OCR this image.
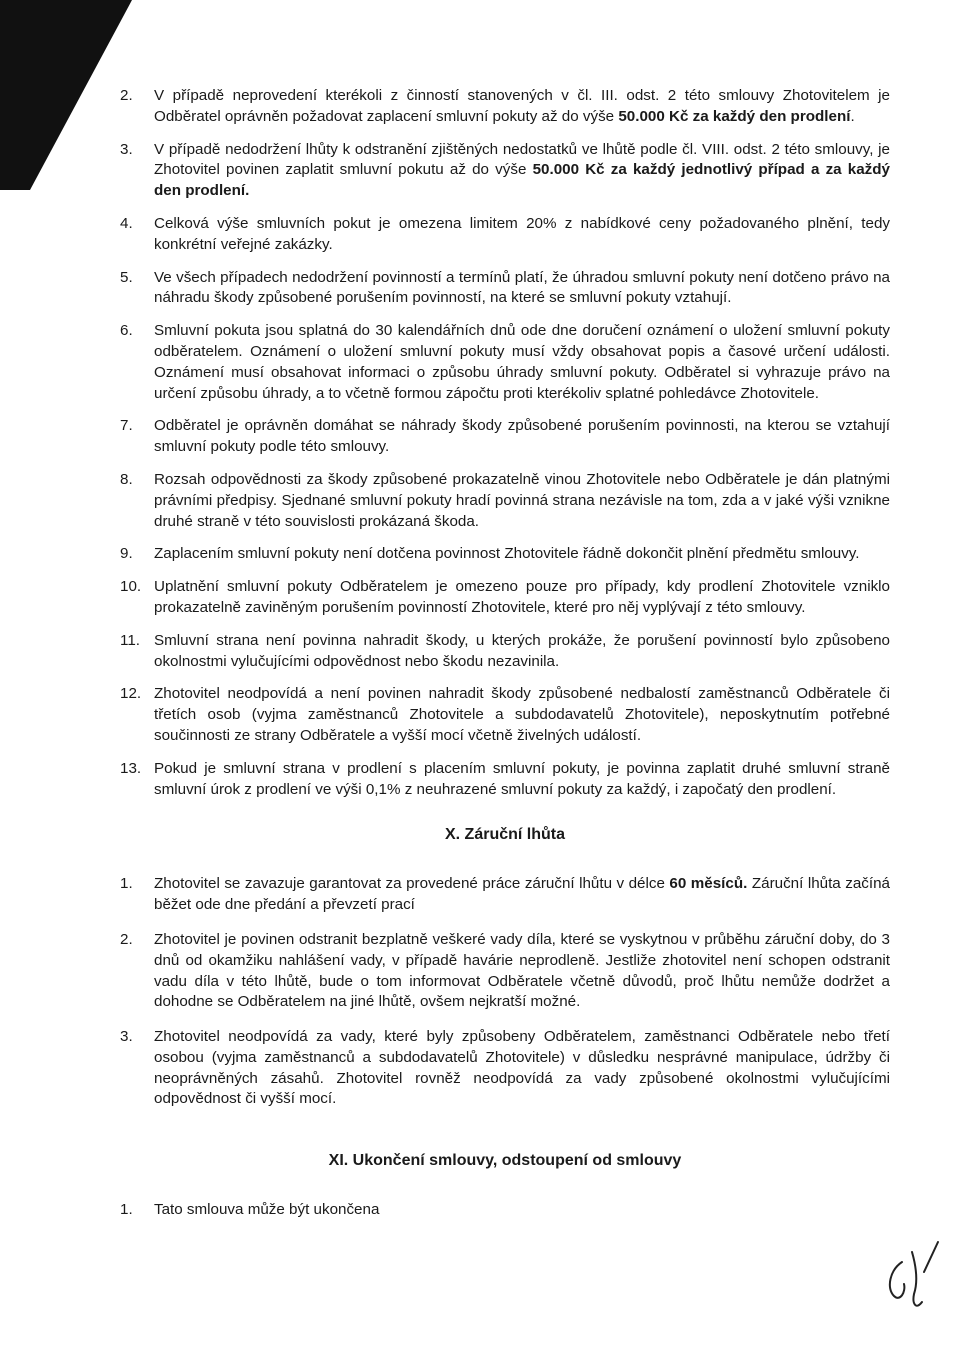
2.	V případě neprovedení kterékoli z činností stanovených v čl. III. odst. 2 této smlouvy Zhotovitelem je Odběratel oprávněn požadovat zaplacení smluvní pokuty až do výše 50.000 Kč za každý den prodlení.
3.	V případě nedodržení lhůty k odstranění zjištěných nedostatků ve lhůtě podle čl. VIII. odst. 2 této smlouvy, je Zhotovitel povinen zaplatit smluvní pokutu až do výše 50.000 Kč za každý jednotlivý případ a za každý den prodlení.
4.	Celková výše smluvních pokut je omezena limitem 20% z nabídkové ceny požadovaného plnění, tedy konkrétní veřejné zakázky.
5.	Ve všech případech nedodržení povinností a termínů platí, že úhradou smluvní pokuty není dotčeno právo na náhradu škody způsobené porušením povinností, na které se smluvní pokuty vztahují.
6.	Smluvní pokuta jsou splatná do 30 kalendářních dnů ode dne doručení oznámení o uložení smluvní pokuty odběratelem. Oznámení o uložení smluvní pokuty musí vždy obsahovat popis a časové určení události. Oznámení musí obsahovat informaci o způsobu úhrady smluvní pokuty. Odběratel si vyhrazuje právo na určení způsobu úhrady, a to včetně formou zápočtu proti kterékoliv splatné pohledávce Zhotovitele.
7.	Odběratel je oprávněn domáhat se náhrady škody způsobené porušením povinnosti, na kterou se vztahují smluvní pokuty podle této smlouvy.
8.	Rozsah odpovědnosti za škody způsobené prokazatelně vinou Zhotovitele nebo Odběratele je dán platnými právními předpisy. Sjednané smluvní pokuty hradí povinná strana nezávisle na tom, zda a v jaké výši vznikne druhé straně v této souvislosti prokázaná škoda.
9.	Zaplacením smluvní pokuty není dotčena povinnost Zhotovitele řádně dokončit plnění předmětu smlouvy.
10. Uplatnění smluvní pokuty Odběratelem je omezeno pouze pro případy, kdy prodlení Zhotovitele vzniklo prokazatelně zaviněným porušením povinností Zhotovitele, které pro něj vyplývají z této smlouvy.
11. Smluvní strana není povinna nahradit škody, u kterých prokáže, že porušení povinností bylo způsobeno okolnostmi vylučujícími odpovědnost nebo škodu nezavinila.
12. Zhotovitel neodpovídá a není povinen nahradit škody způsobené nedbalostí zaměstnanců Odběratele či třetích osob (vyjma zaměstnanců Zhotovitele a subdodavatelů Zhotovitele), neposkytnutím potřebné součinnosti ze strany Odběratele a vyšší mocí včetně živelných událostí.
13. Pokud je smluvní strana v prodlení s placením smluvní pokuty, je povinna zaplatit druhé smluvní straně smluvní úrok z prodlení ve výši 0,1% z neuhrazené smluvní pokuty za každý, i započatý den prodlení.
X. Záruční lhůta
1.	Zhotovitel se zavazuje garantovat za provedené práce záruční lhůtu v délce 60 měsíců. Záruční lhůta začíná běžet ode dne předání a převzetí prací
2.	Zhotovitel je povinen odstranit bezplatně veškeré vady díla, které se vyskytnou v průběhu záruční doby, do 3 dnů od okamžiku nahlášení vady, v případě havárie neprodleně. Jestliže zhotovitel není schopen odstranit vadu díla v této lhůtě, bude o tom informovat Odběratele včetně důvodů, proč lhůtu nemůže dodržet a dohodne se Odběratelem na jiné lhůtě, ovšem nejkratší možné.
3.	Zhotovitel neodpovídá za vady, které byly způsobeny Odběratelem, zaměstnanci Odběratele nebo třetí osobou (vyjma zaměstnanců a subdodavatelů Zhotovitele) v důsledku nesprávné manipulace, údržby či neoprávněných zásahů. Zhotovitel rovněž neodpovídá za vady způsobené okolnostmi vylučujícími odpovědnost či vyšší mocí.
XI. Ukončení smlouvy, odstoupení od smlouvy
1.	Tato smlouva může být ukončena
